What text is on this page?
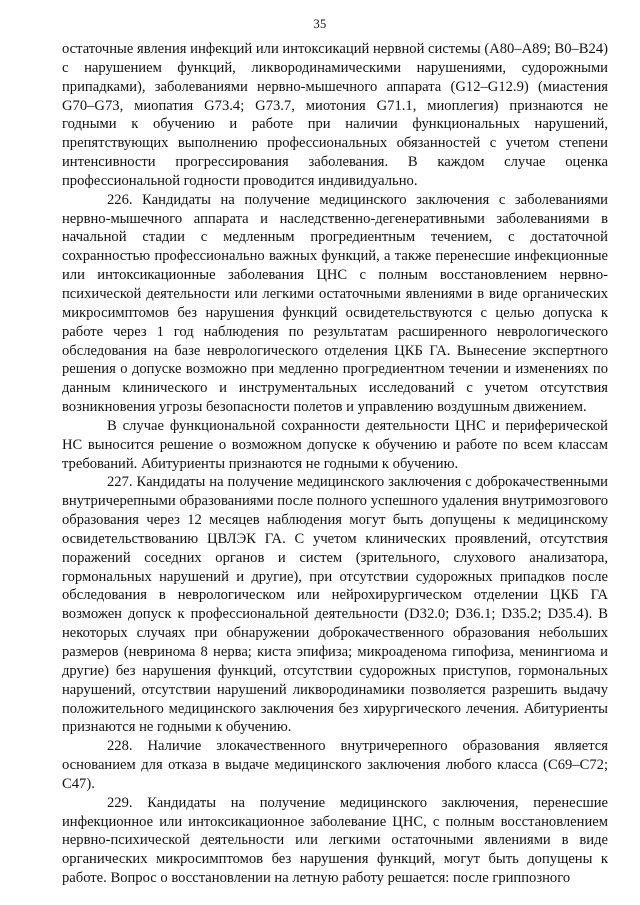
35

остаточные явления инфекций или интоксикаций нервной системы (А80–А89; В0–В24) с нарушением функций, ликвородинамическими нарушениями, судорожными припадками), заболеваниями нервно-мышечного аппарата (G12–G12.9) (миастения G70–G73, миопатия G73.4; G73.7, миотония G71.1, миоплегия) признаются не годными к обучению и работе при наличии функциональных нарушений, препятствующих выполнению профессиональных обязанностей с учетом степени интенсивности прогрессирования заболевания. В каждом случае оценка профессиональной годности проводится индивидуально.

226. Кандидаты на получение медицинского заключения с заболеваниями нервно-мышечного аппарата и наследственно-дегенеративными заболеваниями в начальной стадии с медленным прогредиентным течением, с достаточной сохранностью профессионально важных функций, а также перенесшие инфекционные или интоксикационные заболевания ЦНС с полным восстановлением нервно-психической деятельности или легкими остаточными явлениями в виде органических микросимптомов без нарушения функций освидетельствуются с целью допуска к работе через 1 год наблюдения по результатам расширенного неврологического обследования на базе неврологического отделения ЦКБ ГА. Вынесение экспертного решения о допуске возможно при медленно прогредиентном течении и изменениях по данным клинического и инструментальных исследований с учетом отсутствия возникновения угрозы безопасности полетов и управлению воздушным движением.

В случае функциональной сохранности деятельности ЦНС и периферической НС выносится решение о возможном допуске к обучению и работе по всем классам требований. Абитуриенты признаются не годными к обучению.

227. Кандидаты на получение медицинского заключения с доброкачественными внутричерепными образованиями после полного успешного удаления внутримозгового образования через 12 месяцев наблюдения могут быть допущены к медицинскому освидетельствованию ЦВЛЭК ГА. С учетом клинических проявлений, отсутствия поражений соседних органов и систем (зрительного, слухового анализатора, гормональных нарушений и другие), при отсутствии судорожных припадков после обследования в неврологическом или нейрохирургическом отделении ЦКБ ГА возможен допуск к профессиональной деятельности (D32.0; D36.1; D35.2; D35.4). В некоторых случаях при обнаружении доброкачественного образования небольших размеров (невринома 8 нерва; киста эпифиза; микроаденома гипофиза, менингиома и другие) без нарушения функций, отсутствии судорожных приступов, гормональных нарушений, отсутствии нарушений ликвородинамики позволяется разрешить выдачу положительного медицинского заключения без хирургического лечения. Абитуриенты признаются не годными к обучению.

228. Наличие злокачественного внутричерепного образования является основанием для отказа в выдаче медицинского заключения любого класса (С69–С72; С47).

229. Кандидаты на получение медицинского заключения, перенесшие инфекционное или интоксикационное заболевание ЦНС, с полным восстановлением нервно-психической деятельности или легкими остаточными явлениями в виде органических микросимптомов без нарушения функций, могут быть допущены к работе. Вопрос о восстановлении на летную работу решается: после гриппозного
